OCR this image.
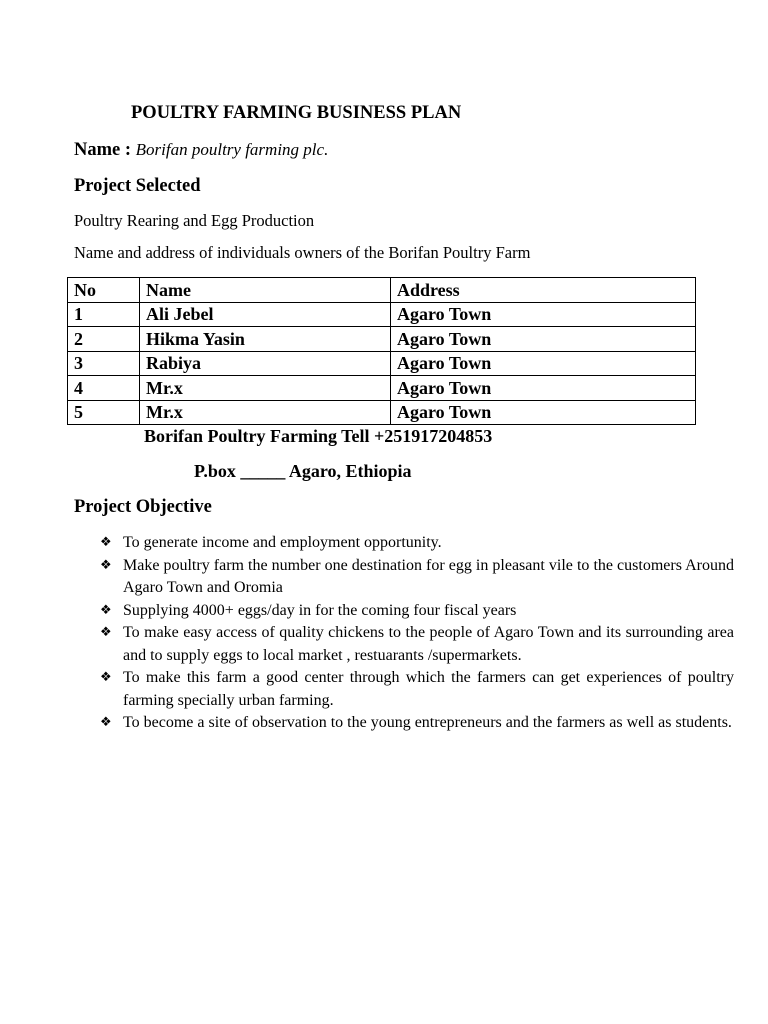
POULTRY FARMING BUSINESS PLAN
Name : Borifan poultry farming plc.
Project Selected
Poultry Rearing and Egg Production
Name and address of individuals owners of the Borifan Poultry Farm
No	Name	Address
1	Ali Jebel	Agaro Town
2	Hikma Yasin	Agaro Town
3	Rabiya	Agaro Town
4	Mr.x	Agaro Town
5	Mr.x	Agaro Town
Borifan Poultry Farming Tell +251917204853
P.box _____ Agaro, Ethiopia
Project Objective
❖ To generate income and employment opportunity.
❖ Make poultry farm the number one destination for egg in pleasant vile to the customers Around Agaro Town and Oromia
❖ Supplying 4000+ eggs/day in for the coming four fiscal years
❖ To make easy access of quality chickens to the people of Agaro Town and its surrounding area and to supply eggs to local market , restuarants /supermarkets.
❖ To make this farm a good center through which the farmers can get experiences of poultry farming specially urban farming.
❖ To become a site of observation to the young entrepreneurs and the farmers as well as students.
